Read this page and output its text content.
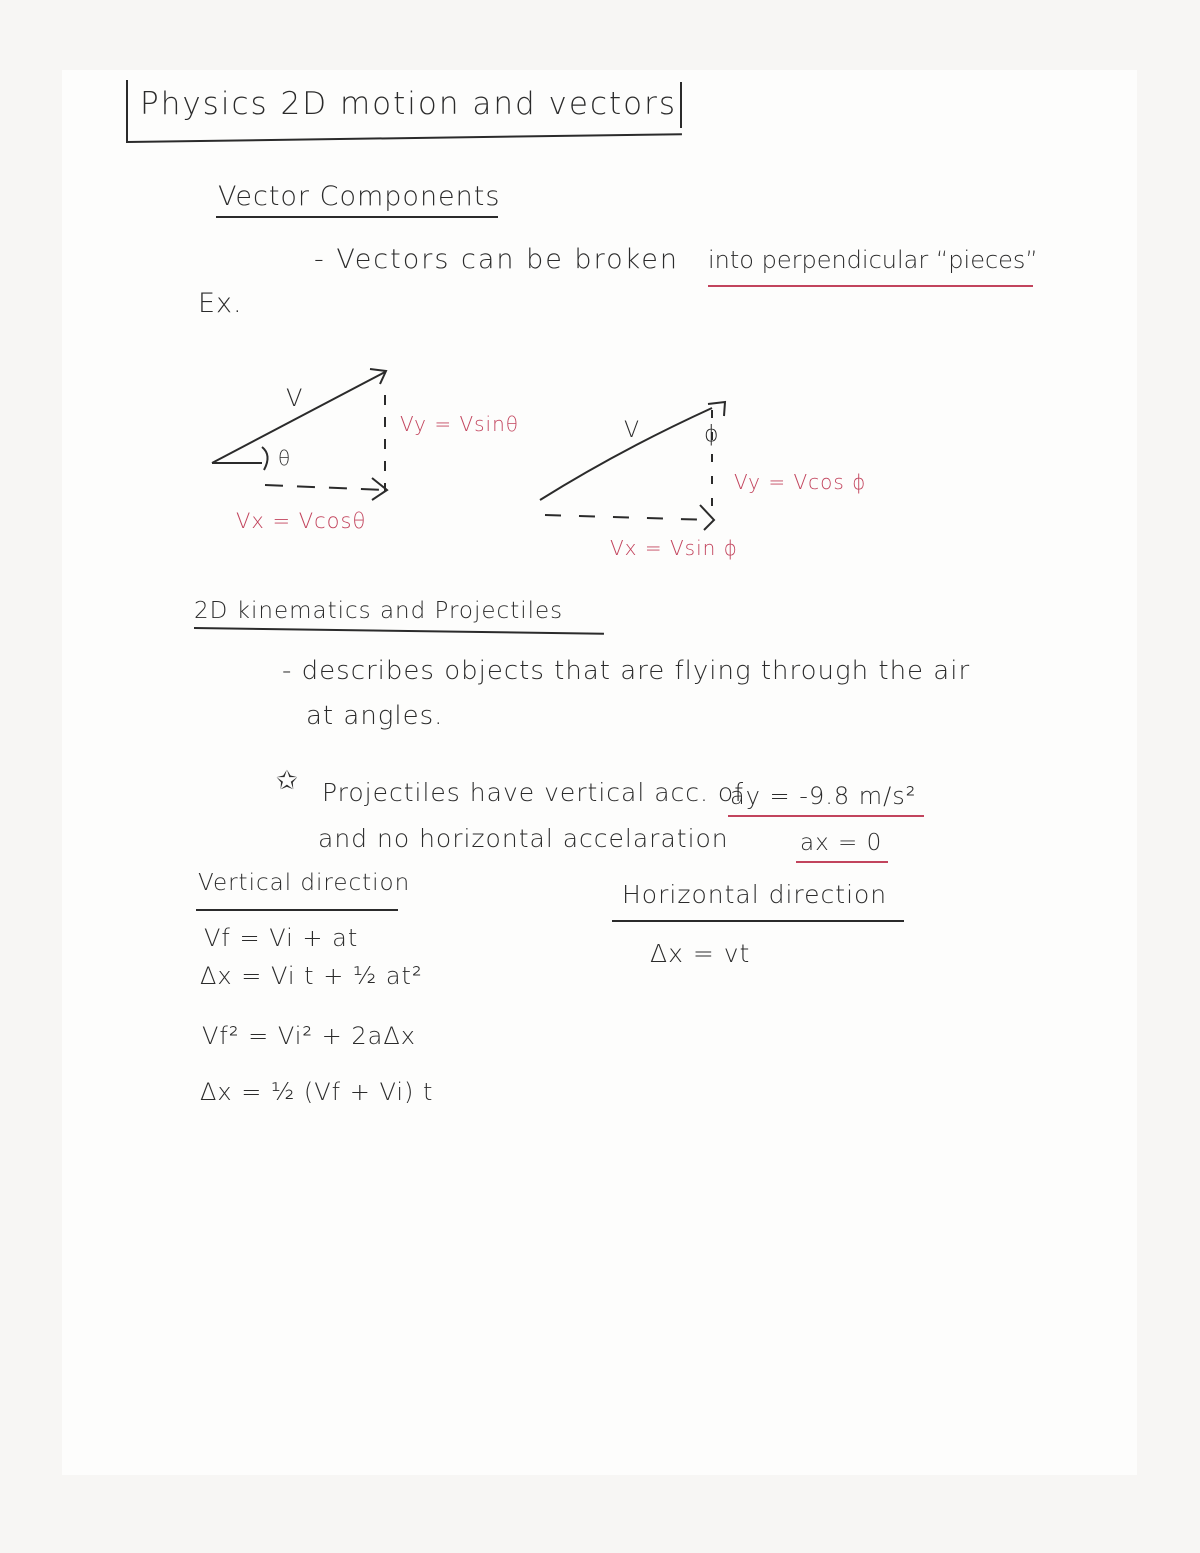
Physics 2D motion and vectors
Vector Components
- Vectors can be broken into perpendicular “pieces”
Ex.
V
θ
Vy = Vsinθ
Vx = Vcosθ
V	ϕ
Vy = Vcos ϕ
Vx = Vsin ϕ
2D kinematics and Projectiles
- describes objects that are flying through the air
at angles.
✩ Projectiles have vertical acc. of
ay = -9.8 m/s²
and no horizontal accelaration	ax = 0
Vertical direction
Vf = Vi + at
Δx = Vi t + ½ at²
Vf² = Vi² + 2aΔx
Δx = ½ (Vf + Vi) t
Horizontal direction
Δx = vt
